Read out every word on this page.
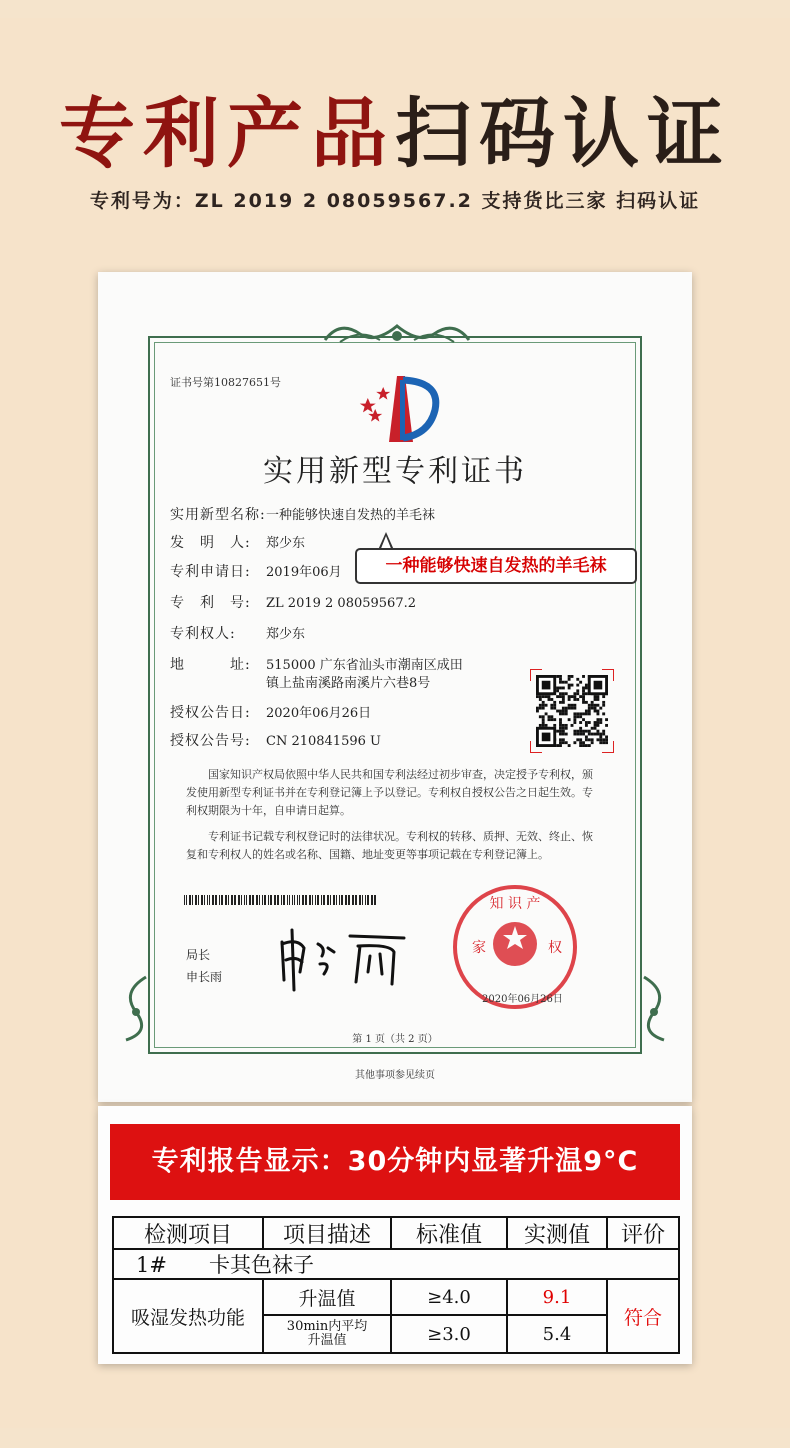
专利产品扫码认证
专利号为：ZL 2019 2 08059567.2 支持货比三家 扫码认证
证书号第10827651号
实用新型专利证书
实用新型名称:一种能够快速自发热的羊毛袜
发　明　人: 郑少东
专利申请日: 2019年06月
专　利　号: ZL 2019 2 08059567.2
专利权人: 郑少东
地　　　址: 515000 广东省汕头市潮南区成田
镇上盐南溪路南溪片六巷8号
授权公告日: 2020年06月26日
授权公告号: CN 210841596 U
　　国家知识产权局依照中华人民共和国专利法经过初步审查，决定授予专利权，颁发使用新型专利证书并在专利登记簿上予以登记。专利权自授权公告之日起生效。专利权期限为十年，自申请日起算。
　　专利证书记载专利权登记时的法律状况。专利权的转移、质押、无效、终止、恢复和专利权人的姓名或名称、国籍、地址变更等事项记载在专利登记簿上。
局长
申长雨
知 识 产
家	权
2020年06月26日
第 1 页（共 2 页）
其他事项参见续页
一种能够快速自发热的羊毛袜
专利报告显示：30分钟内显著升温9°C
检测项目	项目描述	标准值	实测值	评价
1#　　卡其色袜子
吸湿发热功能
升温值	≥4.0	9.1
30min内平均
升温值	≥3.0	5.4
符合
